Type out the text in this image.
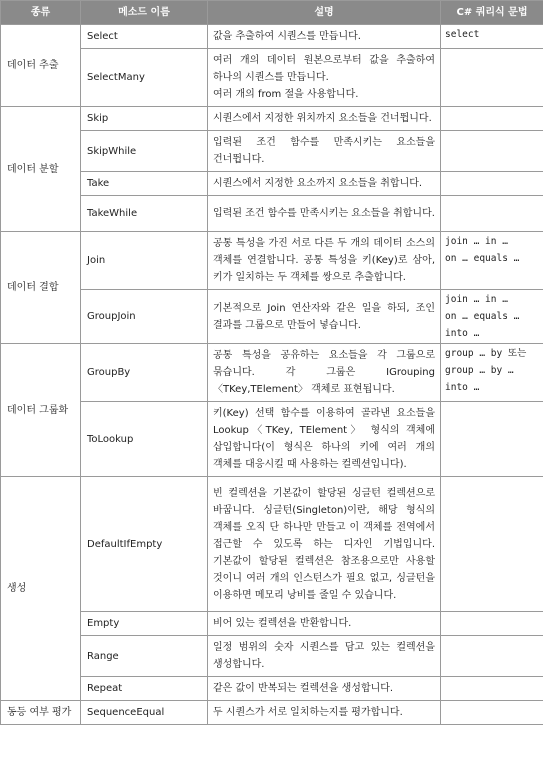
종류	메소드 이름	설명	C# 쿼리식 문법
데이터 추출	Select	값을 추출하여 시퀀스를 만듭니다.	select
	SelectMany	여러 개의 데이터 원본으로부터 값을 추출하여 하나의 시퀀스를 만듭니다.
여러 개의 from 절을 사용합니다.	

데이터 분할	Skip	시퀀스에서 지정한 위치까지 요소들을 건너뜁니다.	

	SkipWhile	입력된 조건 함수를 만족시키는 요소들을 건너뜁니다.	

	Take	시퀀스에서 지정한 요소까지 요소들을 취합니다.	

	TakeWhile	입력된 조건 함수를 만족시키는 요소들을 취합니다.	

데이터 결합	Join	공통 특성을 가진 서로 다른 두 개의 데이터 소스의 객체를 연결합니다. 공통 특성을 키(Key)로 삼아, 키가 일치하는 두 객체를 쌍으로 추출합니다.	join … in …
on … equals …
	GroupJoin	기본적으로 Join 연산자와 같은 일을 하되, 조인 결과를 그룹으로 만들어 넣습니다.	join … in …
on … equals …
into …
데이터 그룹화	GroupBy	공통 특성을 공유하는 요소들을 각 그룹으로 묶습니다. 각 그룹은 IGrouping〈TKey,TElement〉 객체로 표현됩니다.	group … by 또는
group … by …
into …
	ToLookup	키(Key) 선택 함수를 이용하여 골라낸 요소들을 Lookup〈TKey, TElement〉 형식의 객체에 삽입합니다(이 형식은 하나의 키에 여러 개의 객체를 대응시킬 때 사용하는 컬렉션입니다).	

생성	DefaultIfEmpty	빈 컬렉션을 기본값이 할당된 싱글턴 컬렉션으로 바꿉니다. 싱글턴(Singleton)이란, 해당 형식의 객체를 오직 단 하나만 만들고 이 객체를 전역에서 접근할 수 있도록 하는 디자인 기법입니다. 기본값이 할당된 컬렉션은 참조용으로만 사용할 것이니 여러 개의 인스턴스가 필요 없고, 싱글턴을 이용하면 메모리 낭비를 줄일 수 있습니다.	

	Empty	비어 있는 컬렉션을 반환합니다.	

	Range	일정 범위의 숫자 시퀀스를 담고 있는 컬렉션을 생성합니다.	

	Repeat	같은 값이 반복되는 컬렉션을 생성합니다.	

동등 여부 평가	SequenceEqual	두 시퀀스가 서로 일치하는지를 평가합니다.	
